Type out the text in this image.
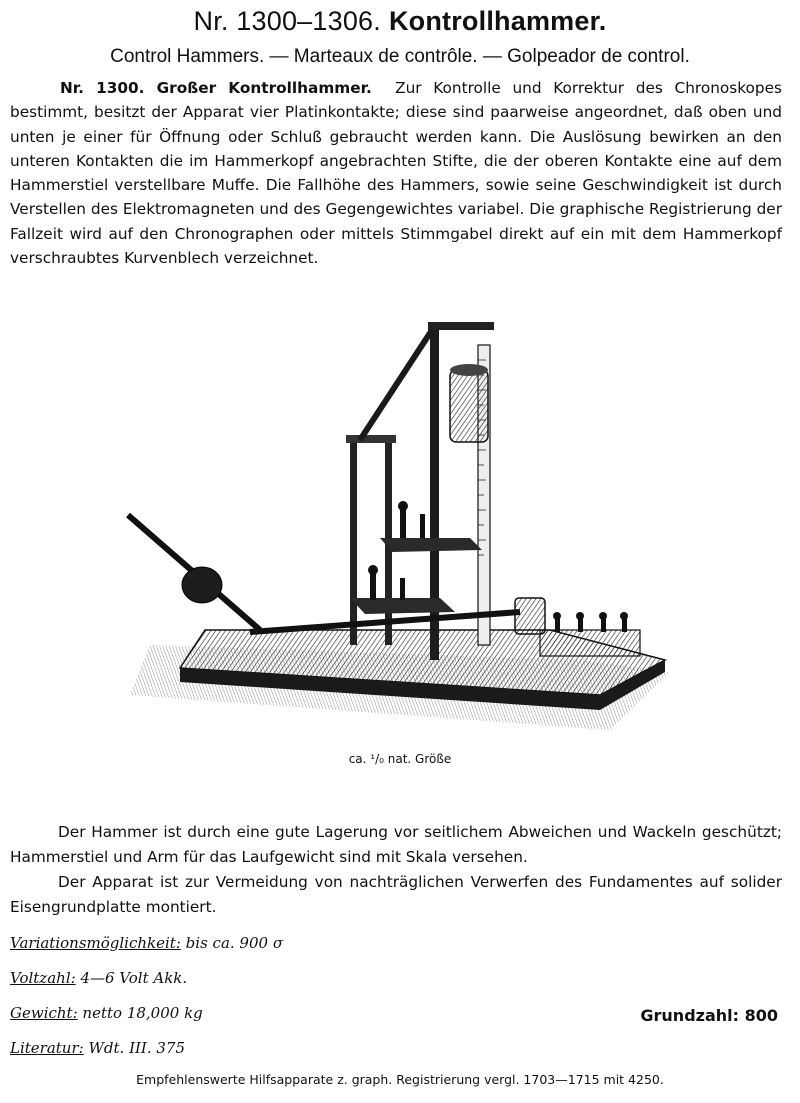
Nr. 1300–1306. Kontrollhammer.
Control Hammers. — Marteaux de contrôle. — Golpeador de control.

Nr. 1300. Großer Kontrollhammer. Zur Kontrolle und Korrektur des Chronoskopes bestimmt, besitzt der Apparat vier Platinkontakte; diese sind paarweise angeordnet, daß oben und unten je einer für Öffnung oder Schluß gebraucht werden kann. Die Auslösung bewirken an den unteren Kontakten die im Hammerkopf angebrachten Stifte, die der oberen Kontakte eine auf dem Hammerstiel verstellbare Muffe. Die Fallhöhe des Hammers, sowie seine Geschwindigkeit ist durch Verstellen des Elektromagneten und des Gegengewichtes variabel. Die graphische Registrierung der Fallzeit wird auf den Chronographen oder mittels Stimmgabel direkt auf ein mit dem Hammerkopf verschraubtes Kurvenblech verzeichnet.

ca. ¹/₀ nat. Größe

Der Hammer ist durch eine gute Lagerung vor seitlichem Abweichen und Wackeln geschützt; Hammerstiel und Arm für das Laufgewicht sind mit Skala versehen.

Der Apparat ist zur Vermeidung von nachträglichen Verwerfen des Fundamentes auf solider Eisengrundplatte montiert.

Variationsmöglichkeit: bis ca. 900 σ
Voltzahl: 4—6 Volt Akk.
Gewicht: netto 18,000 kg
Literatur: Wdt. III. 375
Grundzahl: 800
Empfehlenswerte Hilfsapparate z. graph. Registrierung vergl. 1703—1715 mit 4250.
